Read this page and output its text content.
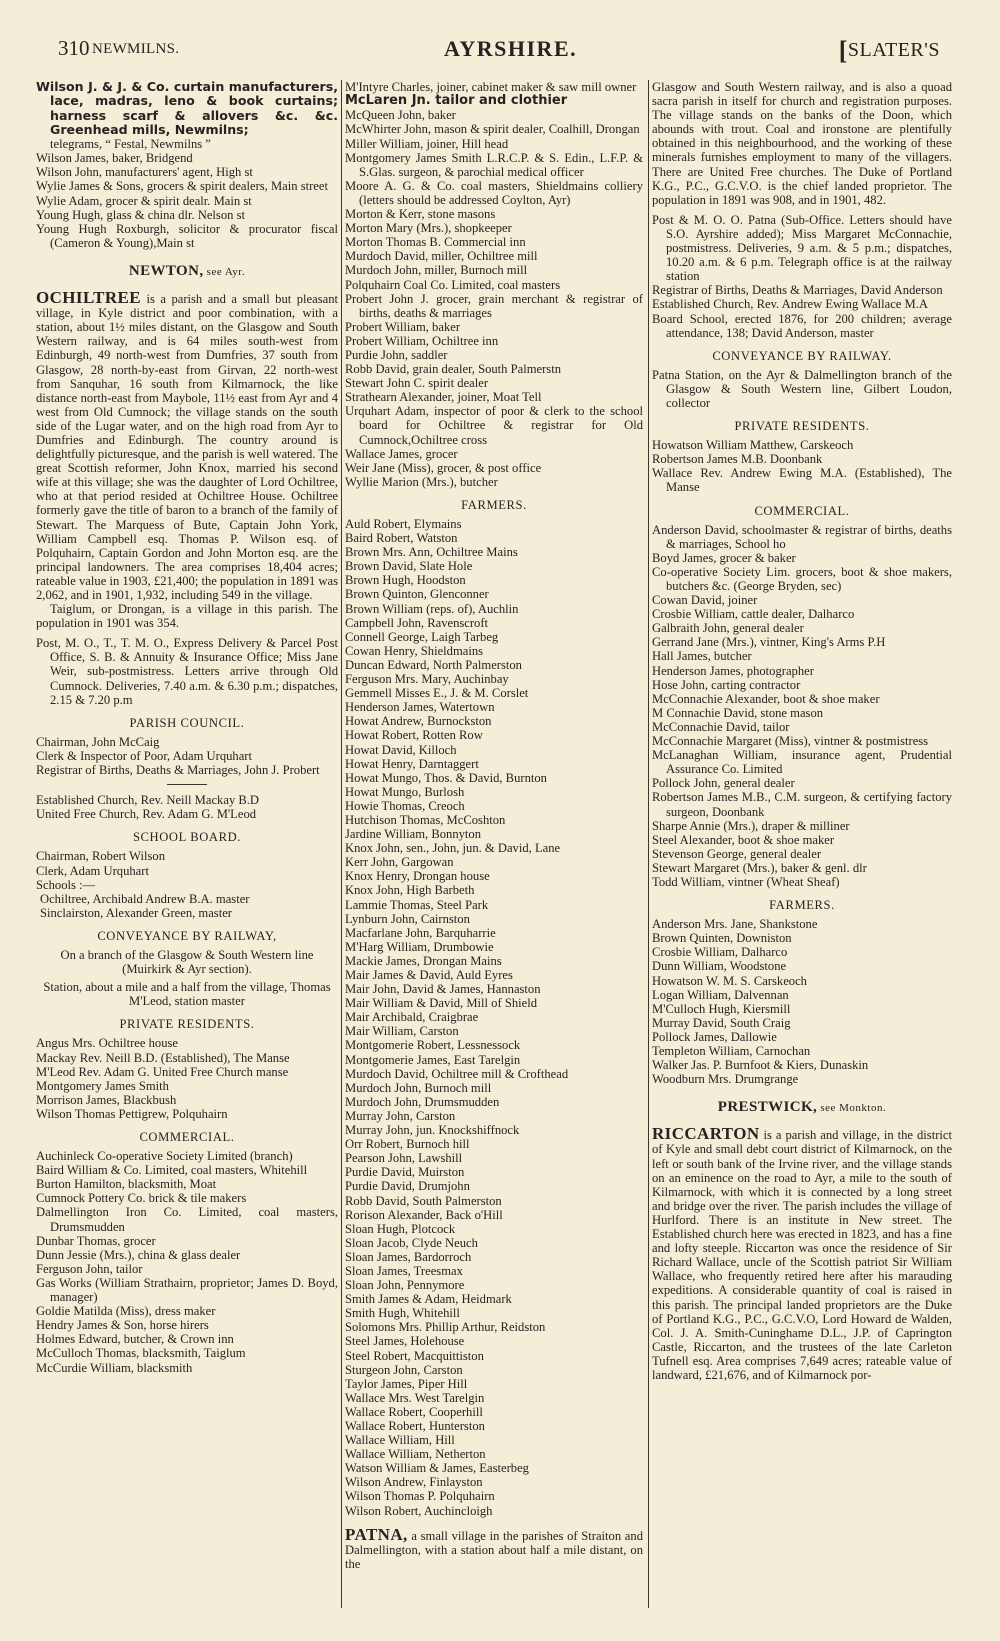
310 NEWMILNS.	AYRSHIRE.	[SLATER'S
Wilson J. & J. & Co. curtain manufacturers, lace, madras, leno & book curtains; harness scarf & allovers &c. &c. Greenhead mills, Newmilns;
telegrams, “ Festal, Newmilns ”
Wilson James, baker, Bridgend
Wilson John, manufacturers' agent, High st
Wylie James & Sons, grocers & spirit dealers, Main street
Wylie Adam, grocer & spirit dealr. Main st
Young Hugh, glass & china dlr. Nelson st
Young Hugh Roxburgh, solicitor & procurator fiscal (Cameron & Young),Main st
NEWTON, see Ayr.
OCHILTREE is a parish and a small but pleasant village, in Kyle district and poor combination, with a station, about 1½ miles distant, on the Glasgow and South Western railway, and is 64 miles south-west from Edinburgh, 49 north-west from Dumfries, 37 south from Glasgow, 28 north-by-east from Girvan, 22 north-west from Sanquhar, 16 south from Kilmarnock, the like distance north-east from Maybole, 11½ east from Ayr and 4 west from Old Cumnock; the village stands on the south side of the Lugar water, and on the high road from Ayr to Dumfries and Edinburgh. The country around is delightfully picturesque, and the parish is well watered. The great Scottish reformer, John Knox, married his second wife at this village; she was the daughter of Lord Ochiltree, who at that period resided at Ochiltree House. Ochiltree formerly gave the title of baron to a branch of the family of Stewart. The Marquess of Bute, Captain John York, William Campbell esq. Thomas P. Wilson esq. of Polquhairn, Captain Gordon and John Morton esq. are the principal landowners. The area comprises 18,404 acres; rateable value in 1903, £21,400; the population in 1891 was 2,062, and in 1901, 1,932, including 549 in the village.
Taiglum, or Drongan, is a village in this parish. The population in 1901 was 354.
Post, M. O., T., T. M. O., Express Delivery & Parcel Post Office, S. B. & Annuity & Insurance Office; Miss Jane Weir, sub-postmistress. Letters arrive through Old Cumnock. Deliveries, 7.40 a.m. & 6.30 p.m.; dispatches, 2.15 & 7.20 p.m
PARISH COUNCIL.
Chairman, John McCaig
Clerk & Inspector of Poor, Adam Urquhart
Registrar of Births, Deaths & Marriages, John J. Probert
Established Church, Rev. Neill Mackay B.D
United Free Church, Rev. Adam G. M'Leod
SCHOOL BOARD.
Chairman, Robert Wilson
Clerk, Adam Urquhart
Schools :—
Ochiltree, Archibald Andrew B.A. master
Sinclairston, Alexander Green, master
CONVEYANCE BY RAILWAY,
On a branch of the Glasgow & South Western line (Muirkirk & Ayr section).
Station, about a mile and a half from the village, Thomas M'Leod, station master
PRIVATE RESIDENTS.
Angus Mrs. Ochiltree house
Mackay Rev. Neill B.D. (Established), The Manse
M'Leod Rev. Adam G. United Free Church manse
Montgomery James Smith
Morrison James, Blackbush
Wilson Thomas Pettigrew, Polquhairn
COMMERCIAL.
Auchinleck Co-operative Society Limited (branch)
Baird William & Co. Limited, coal masters, Whitehill
Burton Hamilton, blacksmith, Moat
Cumnock Pottery Co. brick & tile makers
Dalmellington Iron Co. Limited, coal masters, Drumsmudden
Dunbar Thomas, grocer
Dunn Jessie (Mrs.), china & glass dealer
Ferguson John, tailor
Gas Works (William Strathairn, proprietor; James D. Boyd, manager)
Goldie Matilda (Miss), dress maker
Hendry James & Son, horse hirers
Holmes Edward, butcher, & Crown inn
McCulloch Thomas, blacksmith, Taiglum
McCurdie William, blacksmith
M'Intyre Charles, joiner, cabinet maker & saw mill owner
McLaren Jn. tailor and clothier
McQueen John, baker
McWhirter John, mason & spirit dealer, Coalhill, Drongan
Miller William, joiner, Hill head
Montgomery James Smith L.R.C.P. & S. Edin., L.F.P. & S.Glas. surgeon, & parochial medical officer
Moore A. G. & Co. coal masters, Shieldmains colliery (letters should be addressed Coylton, Ayr)
Morton & Kerr, stone masons
Morton Mary (Mrs.), shopkeeper
Morton Thomas B. Commercial inn
Murdoch David, miller, Ochiltree mill
Murdoch John, miller, Burnoch mill
Polquhairn Coal Co. Limited, coal masters
Probert John J. grocer, grain merchant & registrar of births, deaths & marriages
Probert William, baker
Probert William, Ochiltree inn
Purdie John, saddler
Robb David, grain dealer, South Palmerstn
Stewart John C. spirit dealer
Strathearn Alexander, joiner, Moat Tell
Urquhart Adam, inspector of poor & clerk to the school board for Ochiltree & registrar for Old Cumnock,Ochiltree cross
Wallace James, grocer
Weir Jane (Miss), grocer, & post office
Wyllie Marion (Mrs.), butcher
FARMERS.
Auld Robert, Elymains
Baird Robert, Watston
Brown Mrs. Ann, Ochiltree Mains
Brown David, Slate Hole
Brown Hugh, Hoodston
Brown Quinton, Glenconner
Brown William (reps. of), Auchlin
Campbell John, Ravenscroft
Connell George, Laigh Tarbeg
Cowan Henry, Shieldmains
Duncan Edward, North Palmerston
Ferguson Mrs. Mary, Auchinbay
Gemmell Misses E., J. & M. Corslet
Henderson James, Watertown
Howat Andrew, Burnockston
Howat Robert, Rotten Row
Howat David, Killoch
Howat Henry, Darntaggert
Howat Mungo, Thos. & David, Burnton
Howat Mungo, Burlosh
Howie Thomas, Creoch
Hutchison Thomas, McCoshton
Jardine William, Bonnyton
Knox John, sen., John, jun. & David, Lane
Kerr John, Gargowan
Knox Henry, Drongan house
Knox John, High Barbeth
Lammie Thomas, Steel Park
Lynburn John, Cairnston
Macfarlane John, Barquharrie
M'Harg William, Drumbowie
Mackie James, Drongan Mains
Mair James & David, Auld Eyres
Mair John, David & James, Hannaston
Mair William & David, Mill of Shield
Mair Archibald, Craigbrae
Mair William, Carston
Montgomerie Robert, Lessnessock
Montgomerie James, East Tarelgin
Murdoch David, Ochiltree mill & Crofthead
Murdoch John, Burnoch mill
Murdoch John, Drumsmudden
Murray John, Carston
Murray John, jun. Knockshiffnock
Orr Robert, Burnoch hill
Pearson John, Lawshill
Purdie David, Muirston
Purdie David, Drumjohn
Robb David, South Palmerston
Rorison Alexander, Back o'Hill
Sloan Hugh, Plotcock
Sloan Jacob, Clyde Neuch
Sloan James, Bardorroch
Sloan James, Treesmax
Sloan John, Pennymore
Smith James & Adam, Heidmark
Smith Hugh, Whitehill
Solomons Mrs. Phillip Arthur, Reidston
Steel James, Holehouse
Steel Robert, Macquittiston
Sturgeon John, Carston
Taylor James, Piper Hill
Wallace Mrs. West Tarelgin
Wallace Robert, Cooperhill
Wallace Robert, Hunterston
Wallace William, Hill
Wallace William, Netherton
Watson William & James, Easterbeg
Wilson Andrew, Finlayston
Wilson Thomas P. Polquhairn
Wilson Robert, Auchincloigh
PATNA, a small village in the parishes of Straiton and Dalmellington, with a station about half a mile distant, on the
Glasgow and South Western railway, and is also a quoad sacra parish in itself for church and registration purposes. The village stands on the banks of the Doon, which abounds with trout. Coal and ironstone are plentifully obtained in this neighbourhood, and the working of these minerals furnishes employment to many of the villagers. There are United Free churches. The Duke of Portland K.G., P.C., G.C.V.O. is the chief landed proprietor. The population in 1891 was 908, and in 1901, 482.
Post & M. O. O. Patna (Sub-Office. Letters should have S.O. Ayrshire added); Miss Margaret McConnachie, postmistress. Deliveries, 9 a.m. & 5 p.m.; dispatches, 10.20 a.m. & 6 p.m. Telegraph office is at the railway station
Registrar of Births, Deaths & Marriages, David Anderson
Established Church, Rev. Andrew Ewing Wallace M.A
Board School, erected 1876, for 200 children; average attendance, 138; David Anderson, master
CONVEYANCE BY RAILWAY.
Patna Station, on the Ayr & Dalmellington branch of the Glasgow & South Western line, Gilbert Loudon, collector
PRIVATE RESIDENTS.
Howatson William Matthew, Carskeoch
Robertson James M.B. Doonbank
Wallace Rev. Andrew Ewing M.A. (Established), The Manse
COMMERCIAL.
Anderson David, schoolmaster & registrar of births, deaths & marriages, School ho
Boyd James, grocer & baker
Co-operative Society Lim. grocers, boot & shoe makers, butchers &c. (George Bryden, sec)
Cowan David, joiner
Crosbie William, cattle dealer, Dalharco
Galbraith John, general dealer
Gerrand Jane (Mrs.), vintner, King's Arms P.H
Hall James, butcher
Henderson James, photographer
Hose John, carting contractor
McConnachie Alexander, boot & shoe maker
M Connachie David, stone mason
McConnachie David, tailor
McConnachie Margaret (Miss), vintner & postmistress
McLanaghan William, insurance agent, Prudential Assurance Co. Limited
Pollock John, general dealer
Robertson James M.B., C.M. surgeon, & certifying factory surgeon, Doonbank
Sharpe Annie (Mrs.), draper & milliner
Steel Alexander, boot & shoe maker
Stevenson George, general dealer
Stewart Margaret (Mrs.), baker & genl. dlr
Todd William, vintner (Wheat Sheaf)
FARMERS.
Anderson Mrs. Jane, Shankstone
Brown Quinten, Downiston
Crosbie William, Dalharco
Dunn William, Woodstone
Howatson W. M. S. Carskeoch
Logan William, Dalvennan
M'Culloch Hugh, Kiersmill
Murray David, South Craig
Pollock James, Dallowie
Templeton William, Carnochan
Walker Jas. P. Burnfoot & Kiers, Dunaskin
Woodburn Mrs. Drumgrange
PRESTWICK, see Monkton.
RICCARTON is a parish and village, in the district of Kyle and small debt court district of Kilmarnock, on the left or south bank of the Irvine river, and the village stands on an eminence on the road to Ayr, a mile to the south of Kilmarnock, with which it is connected by a long street and bridge over the river. The parish includes the village of Hurlford. There is an institute in New street. The Established church here was erected in 1823, and has a fine and lofty steeple. Riccarton was once the residence of Sir Richard Wallace, uncle of the Scottish patriot Sir William Wallace, who frequently retired here after his marauding expeditions. A considerable quantity of coal is raised in this parish. The principal landed proprietors are the Duke of Portland K.G., P.C., G.C.V.O, Lord Howard de Walden, Col. J. A. Smith-Cuninghame D.L., J.P. of Caprington Castle, Riccarton, and the trustees of the late Carleton Tufnell esq. Area comprises 7,649 acres; rateable value of landward, £21,676, and of Kilmarnock por-
